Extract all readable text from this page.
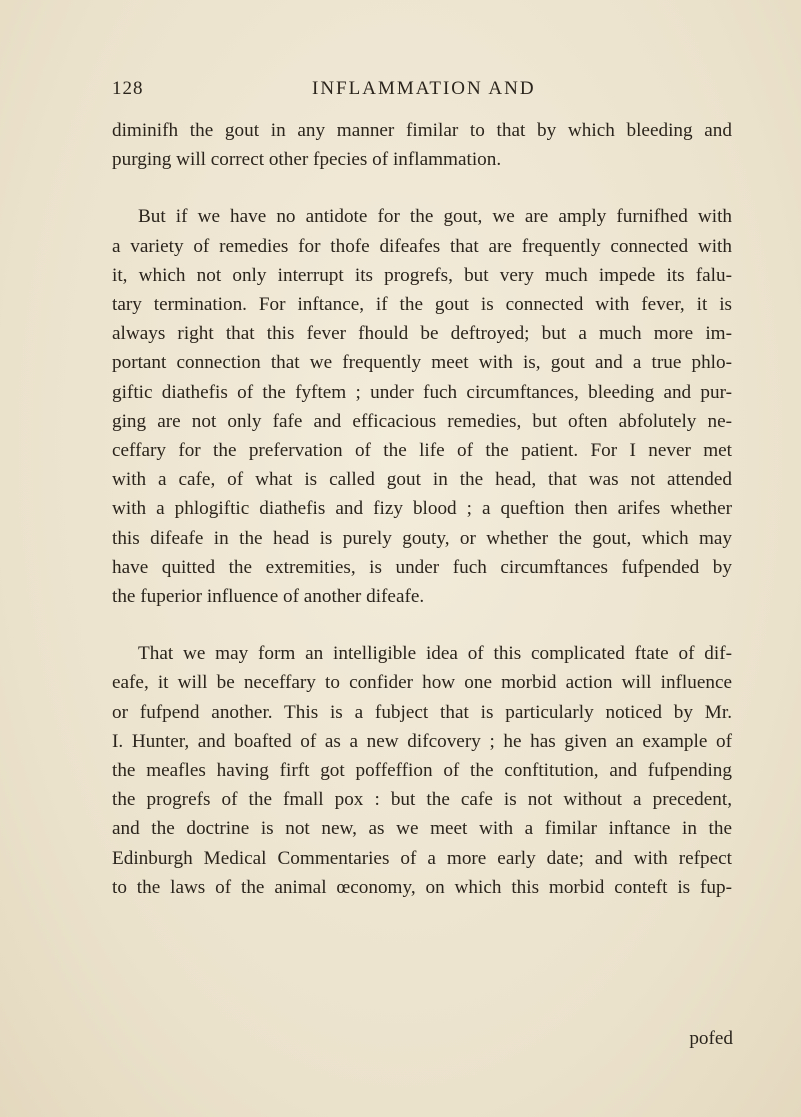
128	INFLAMMATION AND

diminifh the gout in any manner fimilar to that by which bleeding and
purging will correct other fpecies of inflammation.

But if we have no antidote for the gout, we are amply furnifhed with
a variety of remedies for thofe difeafes that are frequently connected with
it, which not only interrupt its progrefs, but very much impede its falu-
tary termination. For inftance, if the gout is connected with fever, it is
always right that this fever fhould be deftroyed; but a much more im-
portant connection that we frequently meet with is, gout and a true phlo-
giftic diathefis of the fyftem ; under fuch circumftances, bleeding and pur-
ging are not only fafe and efficacious remedies, but often abfolutely ne-
ceffary for the prefervation of the life of the patient. For I never met
with a cafe, of what is called gout in the head, that was not attended
with a phlogiftic diathefis and fizy blood ; a queftion then arifes whether
this difeafe in the head is purely gouty, or whether the gout, which may
have quitted the extremities, is under fuch circumftances fufpended by
the fuperior influence of another difeafe.

That we may form an intelligible idea of this complicated ftate of dif-
eafe, it will be neceffary to confider how one morbid action will influence
or fufpend another. This is a fubject that is particularly noticed by Mr.
I. Hunter, and boafted of as a new difcovery ; he has given an example of
the meafles having firft got poffeffion of the conftitution, and fufpending
the progrefs of the fmall pox : but the cafe is not without a precedent,
and the doctrine is not new, as we meet with a fimilar inftance in the
Edinburgh Medical Commentaries of a more early date; and with refpect
to the laws of the animal œconomy, on which this morbid conteft is fup-

pofed
